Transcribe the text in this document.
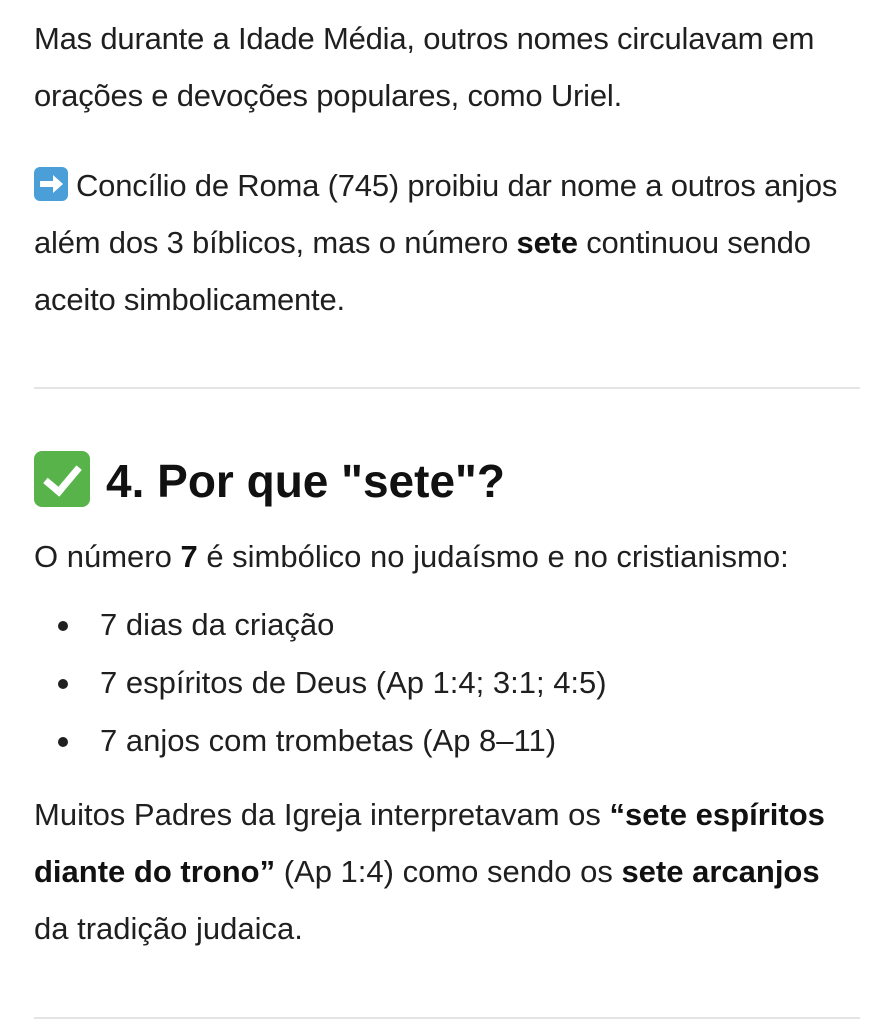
Mas durante a Idade Média, outros nomes circulavam em orações e devoções populares, como Uriel.

Concílio de Roma (745) proibiu dar nome a outros anjos além dos 3 bíblicos, mas o número sete continuou sendo aceito simbolicamente.

4. Por que "sete"?

O número 7 é simbólico no judaísmo e no cristianismo:

7 dias da criação
7 espíritos de Deus (Ap 1:4; 3:1; 4:5)
7 anjos com trombetas (Ap 8–11)

Muitos Padres da Igreja interpretavam os “sete espíritos diante do trono” (Ap 1:4) como sendo os sete arcanjos da tradição judaica.
